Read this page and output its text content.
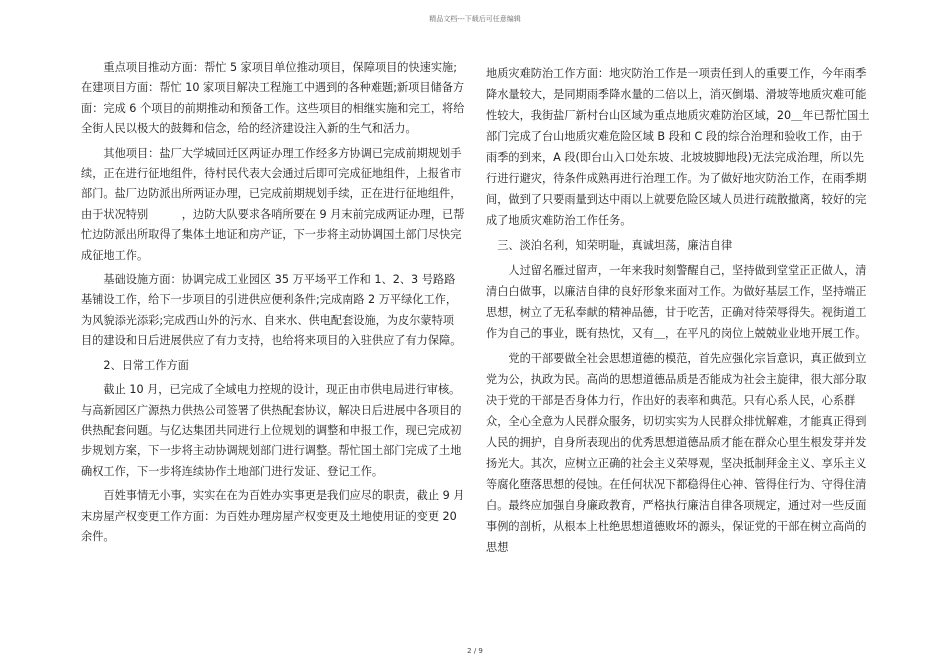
精品文档---下载后可任意编辑

重点项目推动方面：帮忙 5 家项目单位推动项目，保障项目的快速实施;在建项目方面：帮忙 10 家项目解决工程施工中遇到的各种难题;新项目储备方面：完成 6 个项目的前期推动和预备工作。这些项目的相继实施和完工，将给全街人民以极大的鼓舞和信念，给的经济建设注入新的生气和活力。

其他项目：盐厂大学城回迁区两证办理工作经多方协调已完成前期规划手续，正在进行征地组件，待村民代表大会通过后即可完成征地组件，上报省市部门。盐厂边防派出所两证办理，已完成前期规划手续，正在进行征地组件，由于状况特别　　　，边防大队要求各哨所要在 9 月末前完成两证办理，已帮忙边防派出所取得了集体土地证和房产证，下一步将主动协调国土部门尽快完成征地工作。

基础设施方面：协调完成工业园区 35 万平场平工作和 1、2、3 号路路基铺设工作，给下一步项目的引进供应便利条件;完成南路 2 万平绿化工作，为风貌添光添彩;完成西山外的污水、自来水、供电配套设施，为皮尔蒙特项目的建设和日后进展供应了有力支持，也给将来项目的入驻供应了有力保障。

2、日常工作方面

截止 10 月，已完成了全域电力控规的设计，现正由市供电局进行审核。与高新园区广源热力供热公司签署了供热配套协议，解决日后进展中各项目的供热配套问题。与亿达集团共同进行上位规划的调整和申报工作，现已完成初步规划方案，下一步将主动协调规划部门进行调整。帮忙国土部门完成了土地确权工作，下一步将连续协作土地部门进行发证、登记工作。

百姓事情无小事，实实在在为百姓办实事更是我们应尽的职责，截止 9 月末房屋产权变更工作方面：为百姓办理房屋产权变更及土地使用证的变更 20 余件。

地质灾难防治工作方面：地灾防治工作是一项责任到人的重要工作，今年雨季降水量较大，是同期雨季降水量的二倍以上，消灭倒塌、滑坡等地质灾难可能性较大，我街盐厂新村台山区域为重点地质灾难防治区域，20＿年已帮忙国土部门完成了台山地质灾难危险区域 B 段和 C 段的综合治理和验收工作，由于雨季的到来，A 段(即台山入口处东坡、北坡坡脚地段)无法完成治理，所以先行进行避灾，待条件成熟再进行治理工作。为了做好地灾防治工作，在雨季期间，做到了只要雨量到达中雨以上就要危险区域人员进行疏散撤离，较好的完成了地质灾难防治工作任务。

三、淡泊名利，知荣明耻，真诚坦荡，廉洁自律

人过留名雁过留声，一年来我时刻警醒自己，坚持做到堂堂正正做人，清清白白做事，以廉洁自律的良好形象来面对工作。为做好基层工作，坚持端正思想，树立了无私奉献的精神品德，甘于吃苦，正确对待荣辱得失。视街道工作为自己的事业，既有热忱，又有＿，在平凡的岗位上兢兢业业地开展工作。

党的干部要做全社会思想道德的模范，首先应强化宗旨意识，真正做到立党为公，执政为民。高尚的思想道德品质是否能成为社会主旋律，很大部分取决于党的干部是否身体力行，作出好的表率和典范。只有心系人民，心系群众，全心全意为人民群众服务，切切实实为人民群众排忧解难，才能真正得到人民的拥护，自身所表现出的优秀思想道德品质才能在群众心里生根发芽并发扬光大。其次，应树立正确的社会主义荣辱观，坚决抵制拜金主义、享乐主义等腐化堕落思想的侵蚀。在任何状况下都稳得住心神、管得住行为、守得住清白。最终应加强自身廉政教育，严格执行廉洁自律各项规定，通过对一些反面事例的剖析，从根本上杜绝思想道德败坏的源头，保证党的干部在树立高尚的思想

2 / 9
